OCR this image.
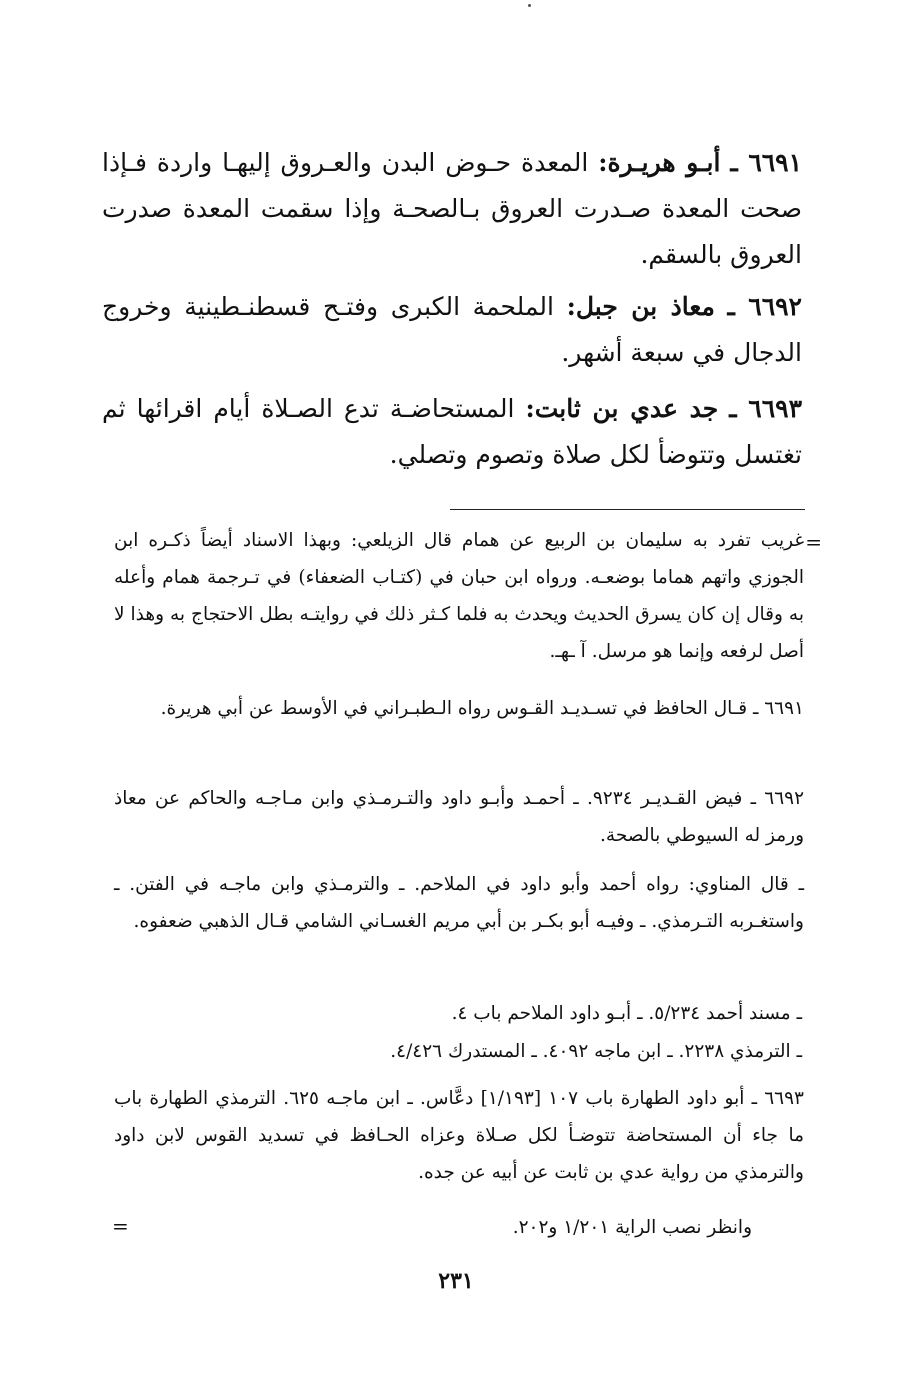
٦٦٩١ ـ أبـو هريـرة: المعدة حـوض البدن والعـروق إليهـا واردة فـإذا صحت المعدة صـدرت العروق بـالصحـة وإذا سقمت المعدة صدرت العروق بالسقم.
٦٦٩٢ ـ معاذ بن جبل: الملحمة الكبرى وفتـح قسطنـطينية وخروج الدجال في سبعة أشهر.
٦٦٩٣ ـ جد عدي بن ثابت: المستحاضـة تدع الصـلاة أيام اقرائها ثم تغتسل وتتوضأ لكل صلاة وتصوم وتصلي.
=
غريب تفرد به سليمان بن الربيع عن همام قال الزيلعي: وبهذا الاسناد أيضاً ذكـره ابن الجوزي واتهم هماما بوضعـه. ورواه ابن حبان في (كتـاب الضعفاء) في تـرجمة همام وأعله به وقال إن كان يسرق الحديث ويحدث به فلما كـثر ذلك في روايتـه بطل الاحتجاج به وهذا لا أصل لرفعه وإنما هو مرسل. آ ـهـ.
٦٦٩١ ـ قـال الحافظ في تسـديـد القـوس رواه الـطبـراني في الأوسط عن أبي هريرة.
٦٦٩٢ ـ فيض القـديـر ٩٢٣٤. ـ أحمـد وأبـو داود والتـرمـذي وابن مـاجـه والحاكم عن معاذ ورمز له السيوطي بالصحة.
ـ قال المناوي: رواه أحمد وأبو داود في الملاحم. ـ والترمـذي وابن ماجـه في الفتن. ـ واستغـربه التـرمذي. ـ وفيـه أبو بكـر بن أبي مريم الغسـاني الشامي قـال الذهبي ضعفوه.
ـ مسند أحمد ٥/٢٣٤. ـ أبـو داود الملاحم باب ٤.
ـ الترمذي ٢٢٣٨. ـ ابن ماجه ٤٠٩٢. ـ المستدرك ٤/٤٢٦.
٦٦٩٣ ـ أبو داود الطهارة باب ١٠٧ [١/١٩٣] دعَّاس. ـ ابن ماجـه ٦٢٥. الترمذي الطهارة باب ما جاء أن المستحاضة تتوضـأ لكل صـلاة وعزاه الحـافظ في تسديد القوس لابن داود والترمذي من رواية عدي بن ثابت عن أبيه عن جده.
وانظر نصب الراية ١/٢٠١ و٢٠٢.
=
٢٣١
